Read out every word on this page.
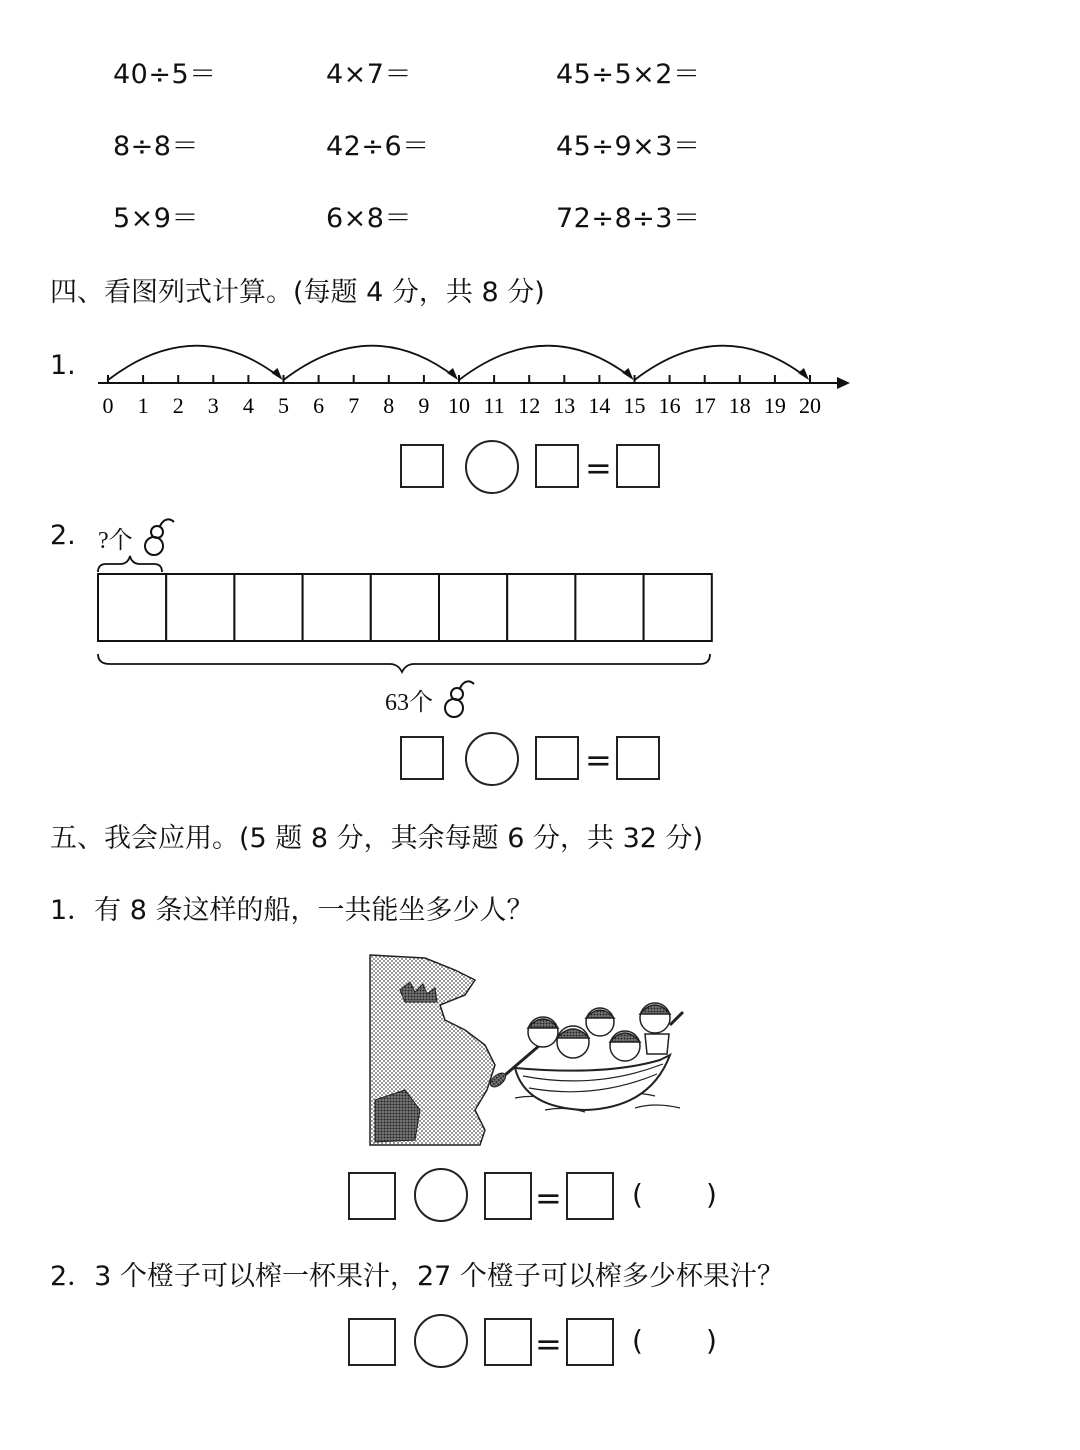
40÷5＝	4×7＝	45÷5×2＝
8÷8＝	42÷6＝	45÷9×3＝
5×9＝	6×8＝	72÷8÷3＝
四、看图列式计算。(每题 4 分，共 8 分)
1.
0 1 2 3 4 5 6 7 8 9 10 11 12 13 14 15 16 17 18 19 20
=
2. ?个
63个
=
五、我会应用。(5 题 8 分，其余每题 6 分，共 32 分)
1．有 8 条这样的船，一共能坐多少人？
=	( )
2．3 个橙子可以榨一杯果汁，27 个橙子可以榨多少杯果汁？
=	( )
